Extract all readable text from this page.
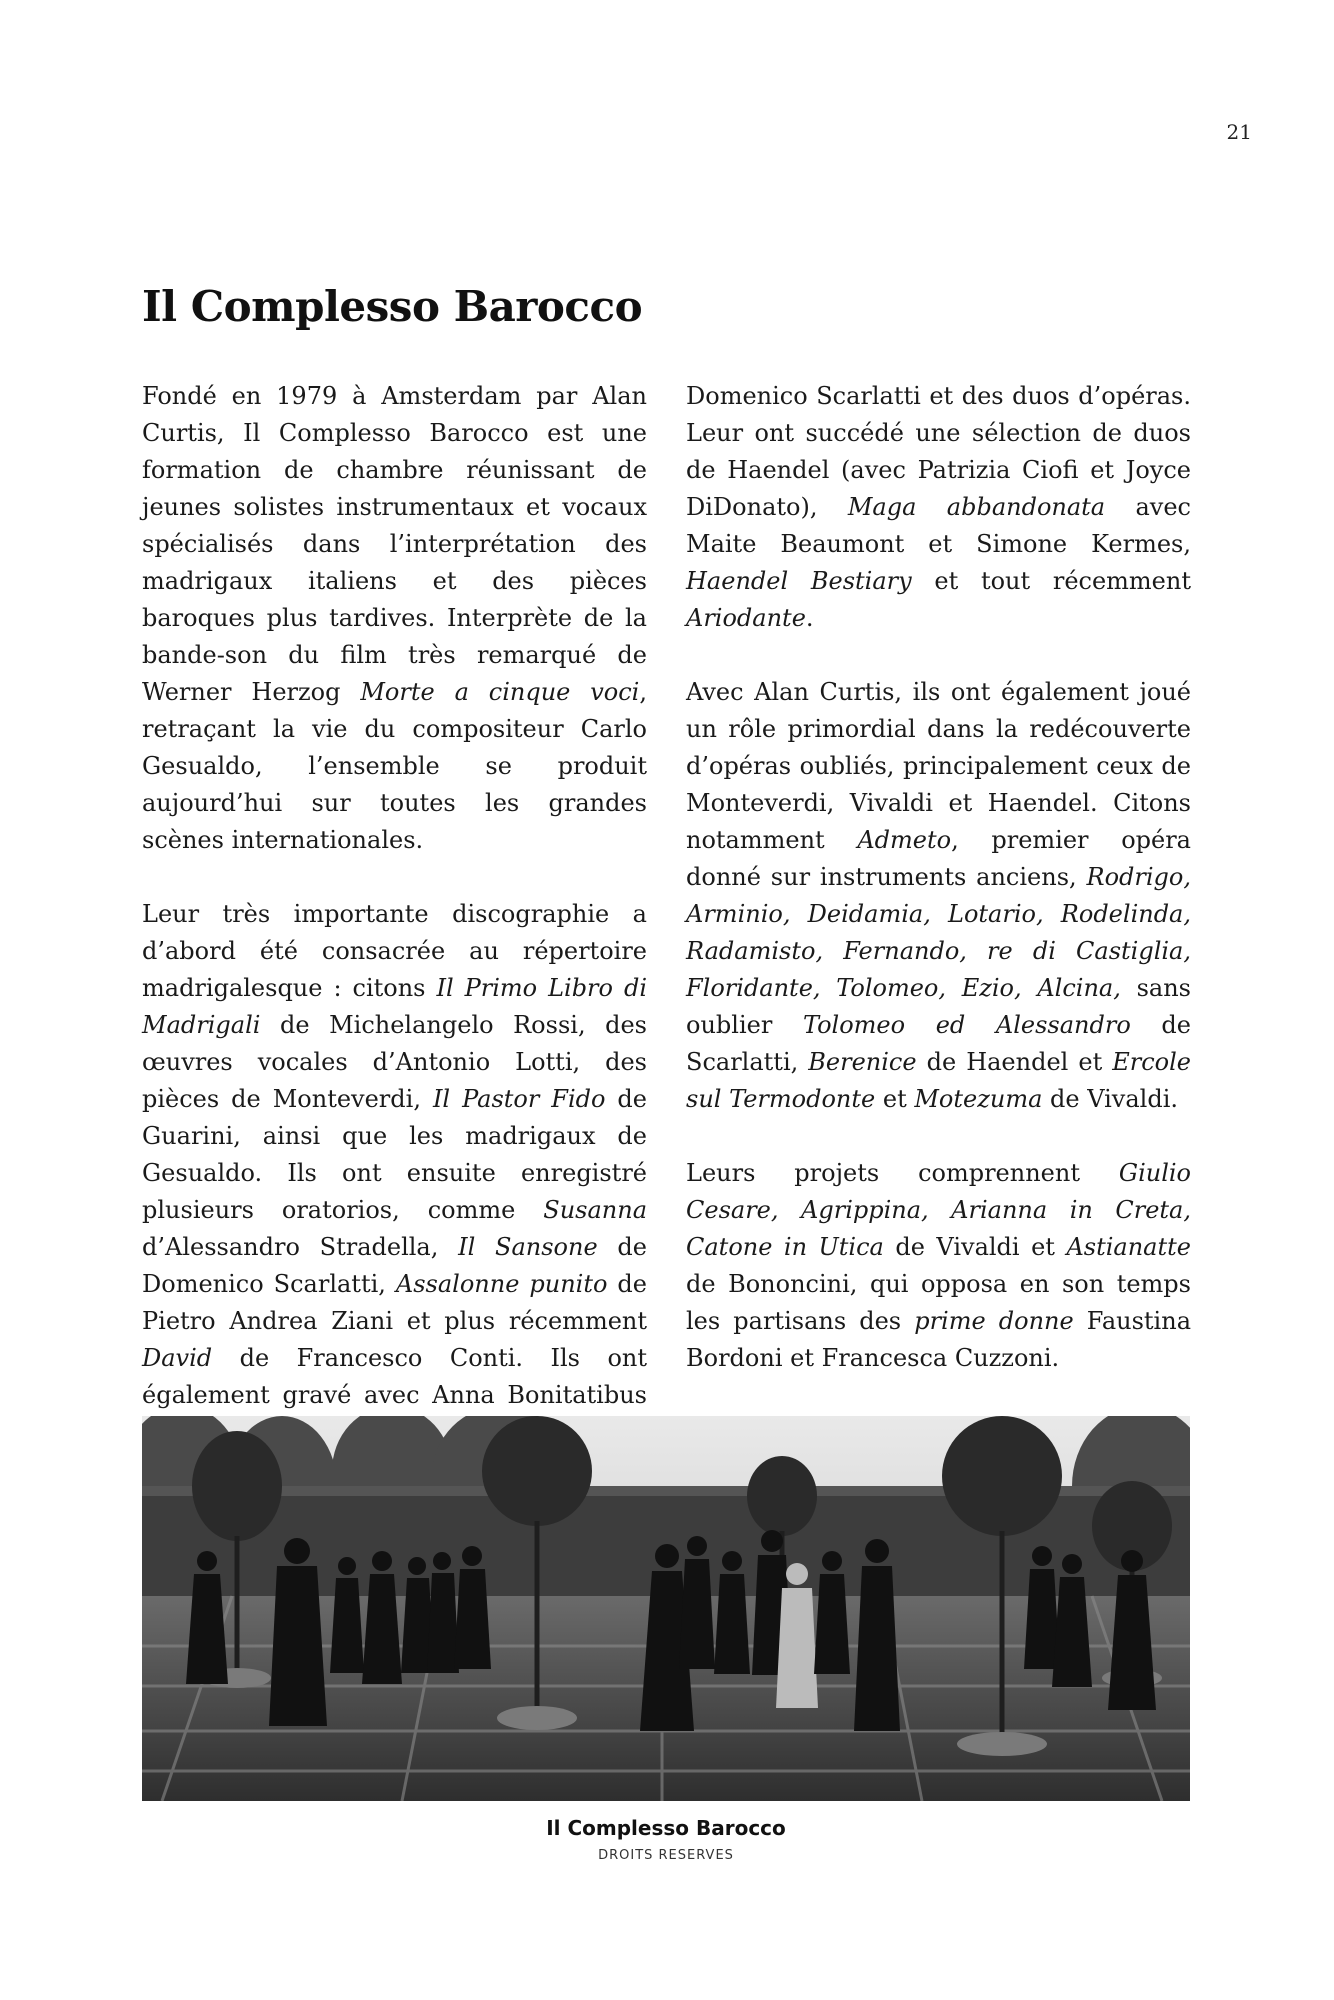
21
Il Complesso Barocco

Fondé en 1979 à Amsterdam par Alan Curtis, Il Complesso Barocco est une formation de chambre réunissant de jeunes solistes instrumentaux et vocaux spécialisés dans l’interprétation des madrigaux italiens et des pièces baroques plus tardives. Interprète de la bande-son du film très remarqué de Werner Herzog Morte a cinque voci, retraçant la vie du compositeur Carlo Gesualdo, l’ensemble se produit aujourd’hui sur toutes les grandes scènes internationales.

Leur très importante discographie a d’abord été consacrée au répertoire madrigalesque : citons Il Primo Libro di Madrigali de Michelangelo Rossi, des œuvres vocales d’Antonio Lotti, des pièces de Monteverdi, Il Pastor Fido de Guarini, ainsi que les madrigaux de Gesualdo. Ils ont ensuite enregistré plusieurs oratorios, comme Susanna d’Alessandro Stradella, Il Sansone de Domenico Scarlatti, Assalonne punito de Pietro Andrea Ziani et plus récemment David de Francesco Conti. Ils ont également gravé avec Anna Bonitatibus

Domenico Scarlatti et des duos d’opéras. Leur ont succédé une sélection de duos de Haendel (avec Patrizia Ciofi et Joyce DiDonato), Maga abbandonata avec Maite Beaumont et Simone Kermes, Haendel Bestiary et tout récemment Ariodante.

Avec Alan Curtis, ils ont également joué un rôle primordial dans la redécouverte d’opéras oubliés, principalement ceux de Monteverdi, Vivaldi et Haendel. Citons notamment Admeto, premier opéra donné sur instruments anciens, Rodrigo, Arminio, Deidamia, Lotario, Rodelinda, Radamisto, Fernando, re di Castiglia, Floridante, Tolomeo, Ezio, Alcina, sans oublier Tolomeo ed Alessandro de Scarlatti, Berenice de Haendel et Ercole sul Termodonte et Motezuma de Vivaldi.

Leurs projets comprennent Giulio Cesare, Agrippina, Arianna in Creta, Catone in Utica de Vivaldi et Astianatte de Bononcini, qui opposa en son temps les partisans des prime donne Faustina Bordoni et Francesca Cuzzoni.

Il Complesso Barocco
DROITS RESERVES
